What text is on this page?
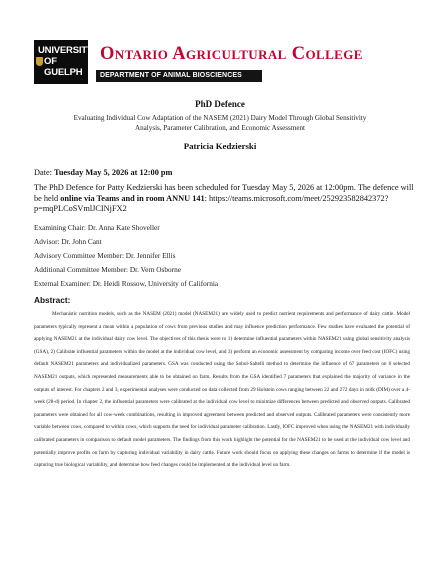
UNIVERSITY
OF
GUELPH
Ontario Agricultural College
DEPARTMENT OF ANIMAL BIOSCIENCES
PhD Defence
Evaluating Individual Cow Adaptation of the NASEM (2021) Dairy Model Through Global Sensitivity Analysis, Parameter Calibration, and Economic Assessment
Patricia Kedzierski
Date: Tuesday May 5, 2026 at 12:00 pm
The PhD Defence for Patty Kedzierski has been scheduled for Tuesday May 5, 2026 at 12:00pm. The defence will be held online via Teams and in room ANNU 141: https://teams.microsoft.com/meet/252923582842372?p=mqPLCoSVmlJCINjFX2
Examining Chair: Dr. Anna Kate Shoveller
Advisor: Dr. John Cant
Advisory Committee Member: Dr. Jennifer Ellis
Additional Committee Member: Dr. Vern Osborne
External Examiner: Dr. Heidi Rossow, University of California
Abstract:
Mechanistic nutrition models, such as the NASEM (2021) model (NASEM21) are widely used to predict nutrient requirements and performance of dairy cattle. Model parameters typically represent a mean within a population of cows from previous studies and may influence prediction performance. Few studies have evaluated the potential of applying NASEM21 at the individual dairy cow level. The objectives of this thesis were to 1) determine influential parameters within NASEM21 using global sensitivity analysis (GSA), 2) Calibrate influential parameters within the model at the individual cow level, and 3) perform an economic assessment by comparing income over feed cost (IOFC) using default NASEM21 parameters and individualized parameters. GSA was conducted using the Sobol-Saltelli method to determine the influence of 67 parameters on 6 selected NASEM21 outputs, which represented measurements able to be obtained on farm. Results from the GSA identified 7 parameters that explained the majority of variance in the outputs of interest. For chapters 2 and 3, experimental analyses were conducted on data collected from 29 Holstein cows ranging between 22 and 272 days in milk (DIM) over a 4-week (28-d) period. In chapter 2, the influential parameters were calibrated at the individual cow level to minimize differences between predicted and observed outputs. Calibrated parameters were obtained for all cow-week combinations, resulting in improved agreement between predicted and observed outputs. Calibrated parameters were consistently more variable between cows, compared to within cows, which supports the need for individual parameter calibration. Lastly, IOFC improved when using the NASEM21 with individually calibrated parameters in comparison to default model parameters. The findings from this work highlight the potential for the NASEM21 to be used at the individual cow level and potentially improve profits on farm by capturing individual variability in dairy cattle. Future work should focus on applying these changes on farms to determine if the model is capturing true biological variability, and determine how feed changes could be implemented at the individual level on farm.
